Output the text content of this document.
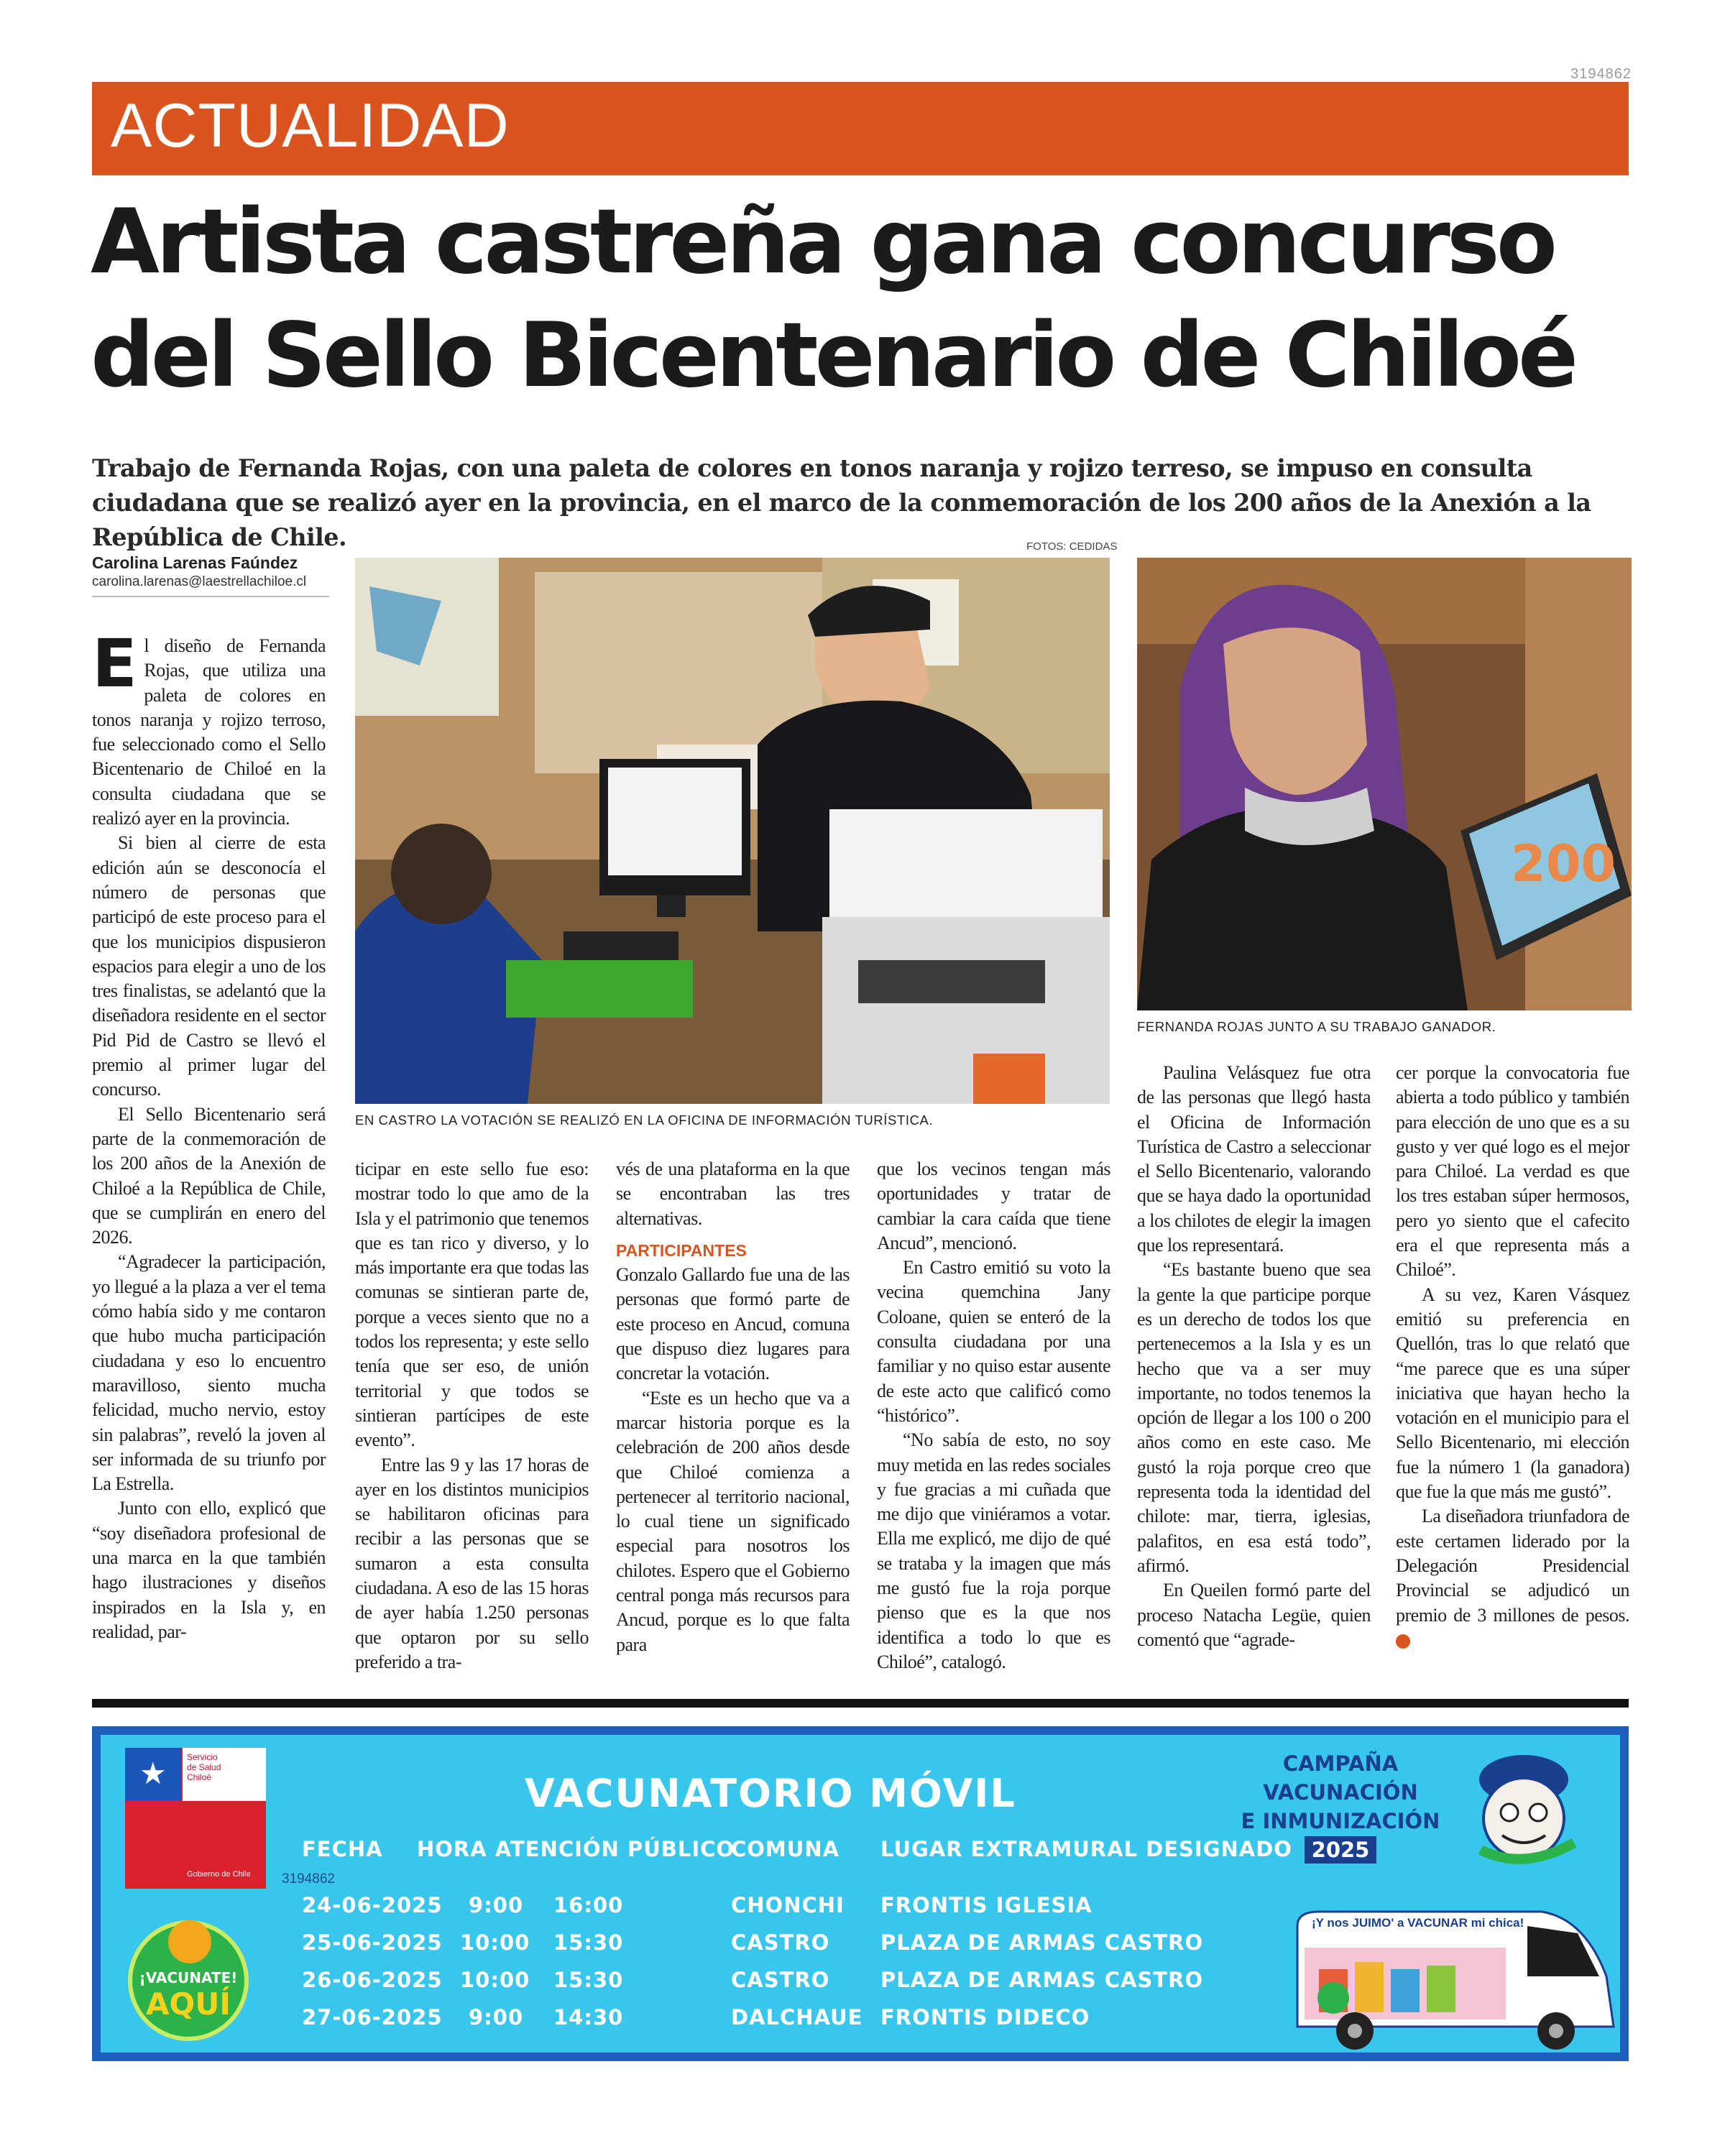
3194862
ACTUALIDAD
Artista castreña gana concurso
del Sello Bicentenario de Chiloé

Trabajo de Fernanda Rojas, con una paleta de colores en tonos naranja y rojizo terreso, se impuso en consulta ciudadana que se realizó ayer en la provincia, en el marco de la conmemoración de los 200 años de la Anexión a la República de Chile.

Carolina Larenas Faúndez
carolina.larenas@laestrellachiloe.cl
FOTOS: CEDIDAS
EN CASTRO LA VOTACIÓN SE REALIZÓ EN LA OFICINA DE INFORMACIÓN TURÍSTICA.
200
FERNANDA ROJAS JUNTO A SU TRABAJO GANADOR.

El diseño de Fernanda Rojas, que utiliza una paleta de colores en tonos naranja y rojizo terroso, fue seleccionado como el Sello Bicentenario de Chiloé en la consulta ciudadana que se realizó ayer en la provincia.

Si bien al cierre de esta edición aún se desconocía el número de personas que participó de este proceso para el que los municipios dispusieron espacios para elegir a uno de los tres finalistas, se adelantó que la diseñadora residente en el sector Pid Pid de Castro se llevó el premio al primer lugar del concurso.

El Sello Bicentenario será parte de la conmemoración de los 200 años de la Anexión de Chiloé a la República de Chile, que se cumplirán en enero del 2026.

“Agradecer la participación, yo llegué a la plaza a ver el tema cómo había sido y me contaron que hubo mucha participación ciudadana y eso lo encuentro maravilloso, siento mucha felicidad, mucho nervio, estoy sin palabras”, reveló la joven al ser informada de su triunfo por La Estrella.

Junto con ello, explicó que “soy diseñadora profesional de una marca en la que también hago ilustraciones y diseños inspirados en la Isla y, en realidad, par-

ticipar en este sello fue eso: mostrar todo lo que amo de la Isla y el patrimonio que tenemos que es tan rico y diverso, y lo más importante era que todas las comunas se sintieran parte de, porque a veces siento que no a todos los representa; y este sello tenía que ser eso, de unión territorial y que todos se sintieran partícipes de este evento”.

Entre las 9 y las 17 horas de ayer en los distintos municipios se habilitaron oficinas para recibir a las personas que se sumaron a esta consulta ciudadana. A eso de las 15 horas de ayer había 1.250 personas que optaron por su sello preferido a tra-

vés de una plataforma en la que se encontraban las tres alternativas.

PARTICIPANTES

Gonzalo Gallardo fue una de las personas que formó parte de este proceso en Ancud, comuna que dispuso diez lugares para concretar la votación.

“Este es un hecho que va a marcar historia porque es la celebración de 200 años desde que Chiloé comienza a pertenecer al territorio nacional, lo cual tiene un significado especial para nosotros los chilotes. Espero que el Gobierno central ponga más recursos para Ancud, porque es lo que falta para

que los vecinos tengan más oportunidades y tratar de cambiar la cara caída que tiene Ancud”, mencionó.

En Castro emitió su voto la vecina quemchina Jany Coloane, quien se enteró de la consulta ciudadana por una familiar y no quiso estar ausente de este acto que calificó como “histórico”.

“No sabía de esto, no soy muy metida en las redes sociales y fue gracias a mi cuñada que me dijo que viniéramos a votar. Ella me explicó, me dijo de qué se trataba y la imagen que más me gustó fue la roja porque pienso que es la que nos identifica a todo lo que es Chiloé”, catalogó.

Paulina Velásquez fue otra de las personas que llegó hasta el Oficina de Información Turística de Castro a seleccionar el Sello Bicentenario, valorando que se haya dado la oportunidad a los chilotes de elegir la imagen que los representará.

“Es bastante bueno que sea la gente la que participe porque es un derecho de todos los que pertenecemos a la Isla y es un hecho que va a ser muy importante, no todos tenemos la opción de llegar a los 100 o 200 años como en este caso. Me gustó la roja porque creo que representa toda la identidad del chilote: mar, tierra, iglesias, palafitos, en esa está todo”, afirmó.

En Queilen formó parte del proceso Natacha Legüe, quien comentó que “agrade-

cer porque la convocatoria fue abierta a todo público y también para elección de uno que es a su gusto y ver qué logo es el mejor para Chiloé. La verdad es que los tres estaban súper hermosos, pero yo siento que el cafecito era el que representa más a Chiloé”.

A su vez, Karen Vásquez emitió su preferencia en Quellón, tras lo que relató que “me parece que es una súper iniciativa que hayan hecho la votación en el municipio para el Sello Bicentenario, mi elección fue la número 1 (la ganadora) que fue la que más me gustó”.

La diseñadora triunfadora de este certamen liderado por la Delegación Presidencial Provincial se adjudicó un premio de 3 millones de pesos. ✪

★ Servicio
de Salud
Chiloé
Gobierno de Chile
¡VACUNATE!
AQUÍ
VACUNATORIO MÓVIL
FECHA HORA ATENCIÓN PÚBLICO
COMUNA LUGAR EXTRAMURAL DESIGNADO
3194862
24-06-2025 9:00 16:00	CHONCHI FRONTIS IGLESIA
25-06-2025 10:00 15:30	CASTRO PLAZA DE ARMAS CASTRO
26-06-2025 10:00 15:30	CASTRO PLAZA DE ARMAS CASTRO
27-06-2025 9:00 14:30	DALCHAUE FRONTIS DIDECO
CAMPAÑA
VACUNACIÓN
E INMUNIZACIÓN
2025
¡Y nos JUIMO' a VACUNAR mi chica!
